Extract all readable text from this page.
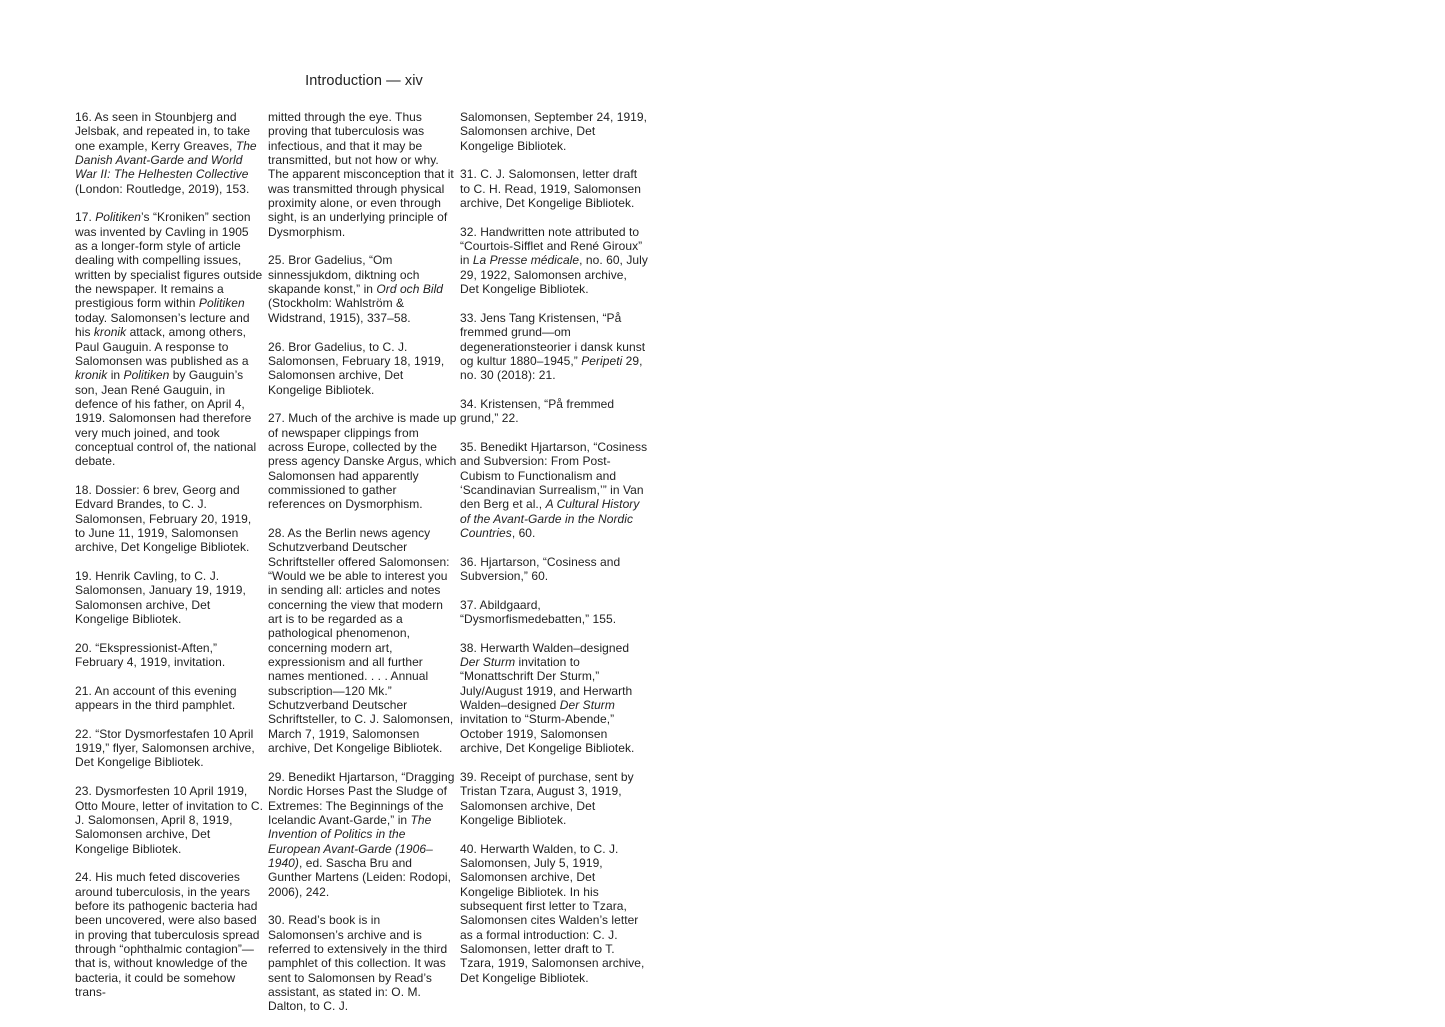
Introduction — xiv

16. As seen in Stounbjerg and Jelsbak, and repeated in, to take one example, Kerry Greaves, The Danish Avant-Garde and World War II: The Helhesten Collective (London: Routledge, 2019), 153.

17. Politiken’s “Kroniken” section was invented by Cavling in 1905 as a longer-form style of article dealing with compelling issues, written by specialist figures outside the newspaper. It remains a prestigious form within Politiken today. Salomonsen’s lecture and his kronik attack, among others, Paul Gauguin. A response to Salomonsen was published as a kronik in Politiken by Gauguin’s son, Jean René Gauguin, in defence of his father, on April 4, 1919. Salomonsen had therefore very much joined, and took conceptual control of, the national debate.

18. Dossier: 6 brev, Georg and Edvard Brandes, to C. J. Salomonsen, February 20, 1919, to June 11, 1919, Salomonsen archive, Det Kongelige Bibliotek.

19. Henrik Cavling, to C. J. Salomonsen, January 19, 1919, Salomonsen archive, Det Kongelige Bibliotek.

20. “Ekspressionist-Aften,” February 4, 1919, invitation.

21. An account of this evening appears in the third pamphlet.

22. “Stor Dysmorfestafen 10 April 1919,” flyer, Salomonsen archive, Det Kongelige Bibliotek.

23. Dysmorfesten 10 April 1919, Otto Moure, letter of invitation to C. J. Salomonsen, April 8, 1919, Salomonsen archive, Det Kongelige Bibliotek.

24. His much feted discoveries around tuberculosis, in the years before its pathogenic bacteria had been uncovered, were also based in proving that tuberculosis spread through “ophthalmic contagion”—that is, without knowledge of the bacteria, it could be somehow trans-

mitted through the eye. Thus proving that tuberculosis was infectious, and that it may be transmitted, but not how or why. The apparent misconception that it was transmitted through physical proximity alone, or even through sight, is an underlying principle of Dysmorphism.

25. Bror Gadelius, “Om sinnessjukdom, diktning och skapande konst,” in Ord och Bild (Stockholm: Wahlström & Widstrand, 1915), 337–58.

26. Bror Gadelius, to C. J. Salomonsen, February 18, 1919, Salomonsen archive, Det Kongelige Bibliotek.

27. Much of the archive is made up of newspaper clippings from across Europe, collected by the press agency Danske Argus, which Salomonsen had apparently commissioned to gather references on Dysmorphism.

28. As the Berlin news agency Schutzverband Deutscher Schriftsteller offered Salomonsen: “Would we be able to interest you in sending all: articles and notes concerning the view that modern art is to be regarded as a pathological phenomenon, concerning modern art, expressionism and all further names mentioned. . . . Annual subscription—120 Mk.” Schutzverband Deutscher Schriftsteller, to C. J. Salomonsen, March 7, 1919, Salomonsen archive, Det Kongelige Bibliotek.

29. Benedikt Hjartarson, “Dragging Nordic Horses Past the Sludge of Extremes: The Beginnings of the Icelandic Avant-Garde,” in The Invention of Politics in the European Avant-Garde (1906–1940), ed. Sascha Bru and Gunther Martens (Leiden: Rodopi, 2006), 242.

30. Read’s book is in Salomonsen’s archive and is referred to extensively in the third pamphlet of this collection. It was sent to Salomonsen by Read’s assistant, as stated in: O. M. Dalton, to C. J.

Salomonsen, September 24, 1919, Salomonsen archive, Det Kongelige Bibliotek.

31. C. J. Salomonsen, letter draft to C. H. Read, 1919, Salomonsen archive, Det Kongelige Bibliotek.

32. Handwritten note attributed to “Courtois-Sifflet and René Giroux” in La Presse médicale, no. 60, July 29, 1922, Salomonsen archive, Det Kongelige Bibliotek.

33. Jens Tang Kristensen, “På fremmed grund—om degenerationsteorier i dansk kunst og kultur 1880–1945,” Peripeti 29, no. 30 (2018): 21.

34. Kristensen, “På fremmed grund,” 22.

35. Benedikt Hjartarson, “Cosiness and Subversion: From Post-Cubism to Functionalism and ‘Scandinavian Surrealism,’” in Van den Berg et al., A Cultural History of the Avant-Garde in the Nordic Countries, 60.

36. Hjartarson, “Cosiness and Subversion,” 60.

37. Abildgaard, “Dysmorfismedebatten,” 155.

38. Herwarth Walden–designed Der Sturm invitation to “Monattschrift Der Sturm,” July/August 1919, and Herwarth Walden–designed Der Sturm invitation to “Sturm-Abende,” October 1919, Salomonsen archive, Det Kongelige Bibliotek.

39. Receipt of purchase, sent by Tristan Tzara, August 3, 1919, Salomonsen archive, Det Kongelige Bibliotek.

40. Herwarth Walden, to C. J. Salomonsen, July 5, 1919, Salomonsen archive, Det Kongelige Bibliotek. In his subsequent first letter to Tzara, Salomonsen cites Walden’s letter as a formal introduction: C. J. Salomonsen, letter draft to T. Tzara, 1919, Salomonsen archive, Det Kongelige Bibliotek.
